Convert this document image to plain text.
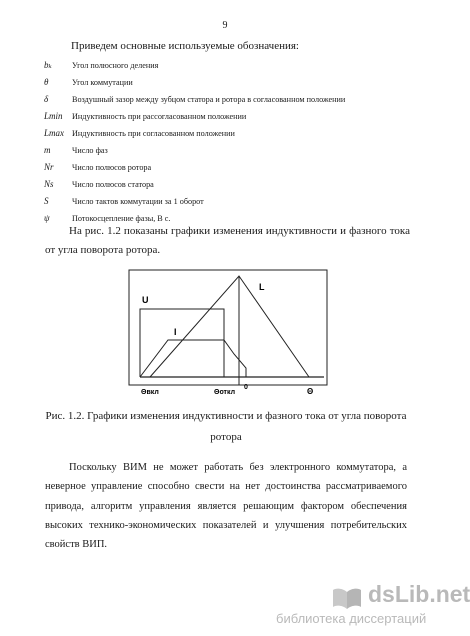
9
Приведем основные используемые обозначения:
bₖ Угол полюсного деления
θ	Угол коммутации
δ	Воздушный зазор между зубцом статора и ротора в согласованном положении
Lmin Индуктивность при рассогласованном положении
Lmax Индуктивность при согласованном положении
m	Число фаз
Nr Число полюсов ротора
Ns Число полюсов статора
S	Число тактов коммутации за 1 оборот
ψ	Потокосцепление фазы, В с.
На рис. 1.2 показаны графики изменения индуктивности и фазного тока от угла поворота ротора.
U
I
L
Θвкл	Θоткл
0	Θ
Рис. 1.2. Графики изменения индуктивности и фазного тока от угла поворота ротора
Поскольку ВИМ не может работать без электронного коммутатора, а неверное управление способно свести на нет достоинства рассматриваемого привода, алгоритм управления является решающим фактором обеспечения высоких технико-экономических показателей и улучшения потребительских свойств ВИП.
dsLib.net
библиотека диссертаций
